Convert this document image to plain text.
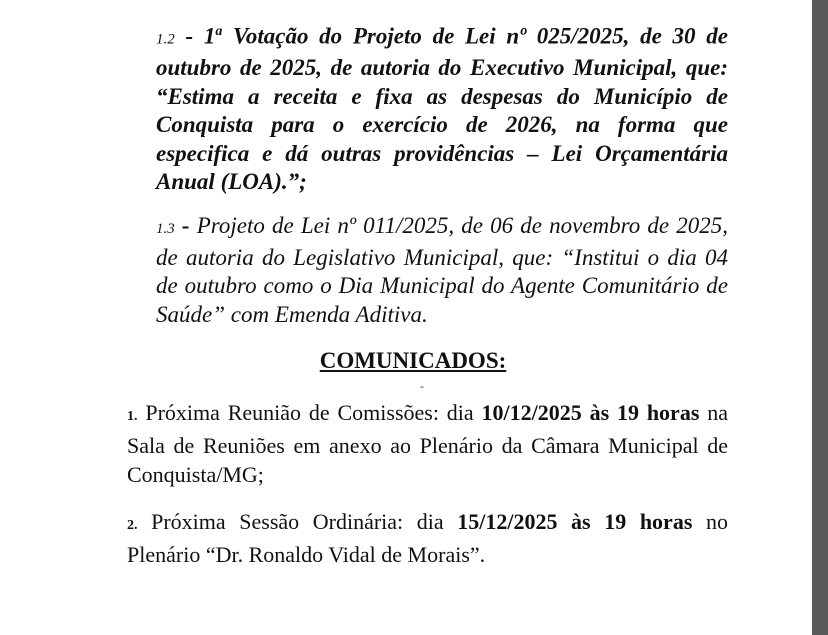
1.2 - 1$^a$ Votação do Projeto de Lei nº 025/2025, de 30 de outubro de 2025, de autoria do Executivo Municipal, que: “Estima a receita e fixa as despesas do Município de Conquista para o exercício de 2026, na forma que especifica e dá outras providências – Lei Orçamentária Anual (LOA).”;
1.3 - Projeto de Lei nº 011/2025, de 06 de novembro de 2025, de autoria do Legislativo Municipal, que: “Institui o dia 04 de outubro como o Dia Municipal do Agente Comunitário de Saúde” com Emenda Aditiva.
COMUNICADOS:
-
1. Próxima Reunião de Comissões: dia 10/12/2025 às 19 horas na Sala de Reuniões em anexo ao Plenário da Câmara Municipal de Conquista/MG;
2. Próxima Sessão Ordinária: dia 15/12/2025 às 19 horas no Plenário “Dr. Ronaldo Vidal de Morais”.
